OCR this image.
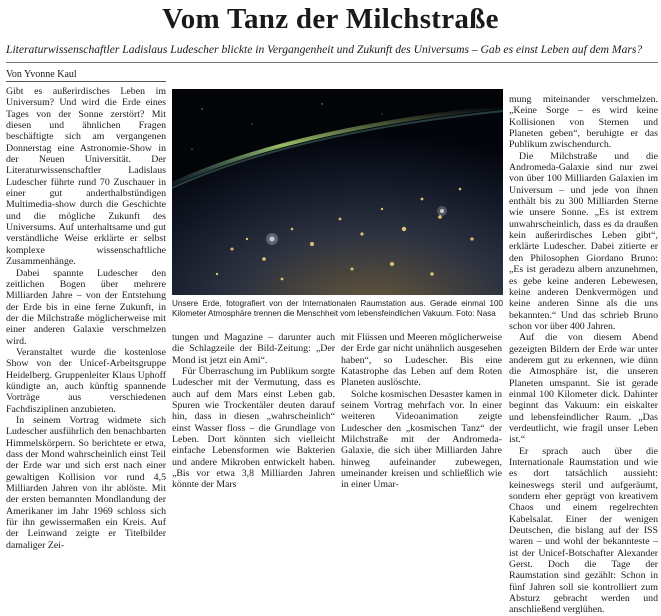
Vom Tanz der Milchstraße
Literaturwissenschaftler Ladislaus Ludescher blickte in Vergangenheit und Zukunft des Universums – Gab es einst Leben auf dem Mars?
Von Yvonne Kaul

Gibt es außerirdisches Leben im Universum? Und wird die Erde eines Tages von der Sonne zerstört? Mit diesen und ähnlichen Fragen beschäftigte sich am vergangenen Donnerstag eine Astronomie-Show in der Neuen Universität. Der Literaturwissenschaftler Ladislaus Ludescher führte rund 70 Zuschauer in einer gut anderthalbstündigen Multimedia-show durch die Geschichte und die mögliche Zukunft des Universums. Auf unterhaltsame und gut verständliche Weise erklärte er selbst komplexe wissenschaftliche Zusammenhänge.

Dabei spannte Ludescher den zeitlichen Bogen über mehrere Milliarden Jahre – von der Entstehung der Erde bis in eine ferne Zukunft, in der die Milchstraße möglicherweise mit einer anderen Galaxie verschmelzen wird.

Veranstaltet wurde die kostenlose Show von der Unicef-Arbeitsgruppe Heidelberg. Gruppenleiter Klaus Uphoff kündigte an, auch künftig spannende Vorträge aus verschiedenen Fachdisziplinen anzubieten.

In seinem Vortrag widmete sich Ludescher ausführlich den benachbarten Himmelskörpern. So berichtete er etwa, dass der Mond wahrscheinlich einst Teil der Erde war und sich erst nach einer gewaltigen Kollision vor rund 4,5 Milliarden Jahren von ihr ablöste. Mit der ersten bemannten Mondlandung der Amerikaner im Jahr 1969 schloss sich für ihn gewissermaßen ein Kreis. Auf der Leinwand zeigte er Titelbilder damaliger Zei-

Unsere Erde, fotografiert von der Internationalen Raumstation aus. Gerade einmal 100 Kilometer Atmosphäre trennen die Menschheit vom lebensfeindlichen Vakuum. Foto: Nasa

tungen und Magazine – darunter auch die Schlagzeile der Bild-Zeitung: „Der Mond ist jetzt ein Ami“.

Für Überraschung im Publikum sorgte Ludescher mit der Vermutung, dass es auch auf dem Mars einst Leben gab. Spuren wie Trockentäler deuten darauf hin, dass in diesen „wahrscheinlich“ einst Wasser floss – die Grundlage von Leben. Dort könnten sich vielleicht einfache Lebensformen wie Bakterien und andere Mikroben entwickelt haben. „Bis vor etwa 3,8 Milliarden Jahren könnte der Mars

mit Flüssen und Meeren möglicherweise der Erde gar nicht unähnlich ausgesehen haben“, so Ludescher. Bis eine Katastrophe das Leben auf dem Roten Planeten auslöschte.

Solche kosmischen Desaster kamen in seinem Vortrag mehrfach vor. In einer weiteren Videoanimation zeigte Ludescher den „kosmischen Tanz“ der Milchstraße mit der Andromeda-Galaxie, die sich über Milliarden Jahre hinweg aufeinander zubewegen, umeinander kreisen und schließlich wie in einer Umar-

mung miteinander verschmelzen. „Keine Sorge – es wird keine Kollisionen von Sternen und Planeten geben“, beruhigte er das Publikum zwischendurch.

Die Milchstraße und die Andromeda-Galaxie sind nur zwei von über 100 Milliarden Galaxien im Universum – und jede von ihnen enthält bis zu 300 Milliarden Sterne wie unsere Sonne. „Es ist extrem unwahrscheinlich, dass es da draußen kein außerirdisches Leben gibt“, erklärte Ludescher. Dabei zitierte er den Philosophen Giordano Bruno: „Es ist geradezu albern anzunehmen, es gebe keine anderen Lebewesen, keine anderen Denkvermögen und keine anderen Sinne als die uns bekannten.“ Und das schrieb Bruno schon vor über 400 Jahren.

Auf die von diesem Abend gezeigten Bildern der Erde war unter anderem gut zu erkennen, wie dünn die Atmosphäre ist, die unseren Planeten umspannt. Sie ist gerade einmal 100 Kilometer dick. Dahinter beginnt das Vakuum: ein eiskalter und lebensfeindlicher Raum. „Das verdeutlicht, wie fragil unser Leben ist.“

Er sprach auch über die Internationale Raumstation und wie es dort tatsächlich aussieht: keineswegs steril und aufgeräumt, sondern eher geprägt von kreativem Chaos und einem regelrechten Kabelsalat. Einer der wenigen Deutschen, die bislang auf der ISS waren – und wohl der bekannteste – ist der Unicef-Botschafter Alexander Gerst. Doch die Tage der Raumstation sind gezählt: Schon in fünf Jahren soll sie kontrolliert zum Absturz gebracht werden und anschließend verglühen.
